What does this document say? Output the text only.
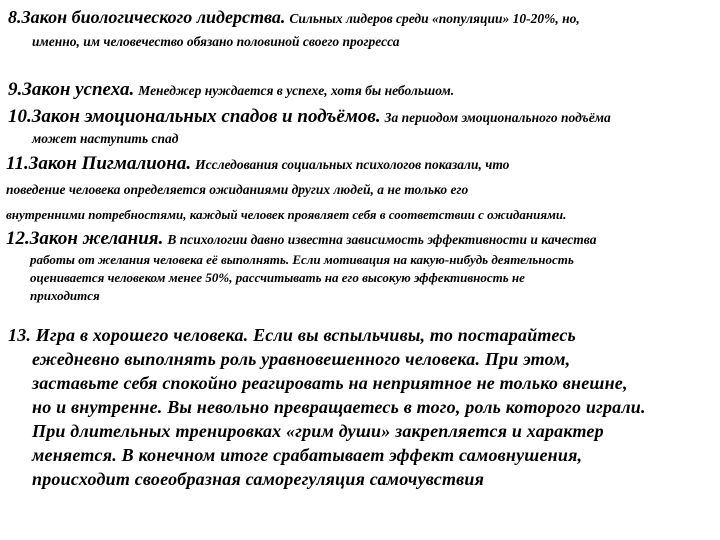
8.Закон биологического лидерства. Сильных лидеров среди «популяции» 10-20%, но,
именно, им человечество обязано половиной своего прогресса
9.Закон успеха. Менеджер нуждается в успехе, хотя бы небольшом.
10.Закон эмоциональных спадов и подъёмов. За периодом эмоционального подъёма
может наступить спад
11.Закон Пигмалиона. Исследования социальных психологов показали, что
поведение человека определяется ожиданиями других людей, а не только его
внутренними потребностями, каждый человек проявляет себя в соответствии с ожиданиями.
12.Закон желания. В психологии давно известна зависимость эффективности и качества
работы от желания человека её выполнять. Если мотивация на какую-нибудь деятельность
оценивается человеком менее 50%, рассчитывать на его высокую эффективность не
приходится
13. Игра в хорошего человека. Если вы вспыльчивы, то постарайтесь
ежедневно выполнять роль уравновешенного человека. При этом,
заставьте себя спокойно реагировать на неприятное не только внешне,
но и внутренне. Вы невольно превращаетесь в того, роль которого играли.
При длительных тренировках «грим души» закрепляется и характер
меняется. В конечном итоге срабатывает эффект самовнушения,
происходит своеобразная саморегуляция самочувствия
